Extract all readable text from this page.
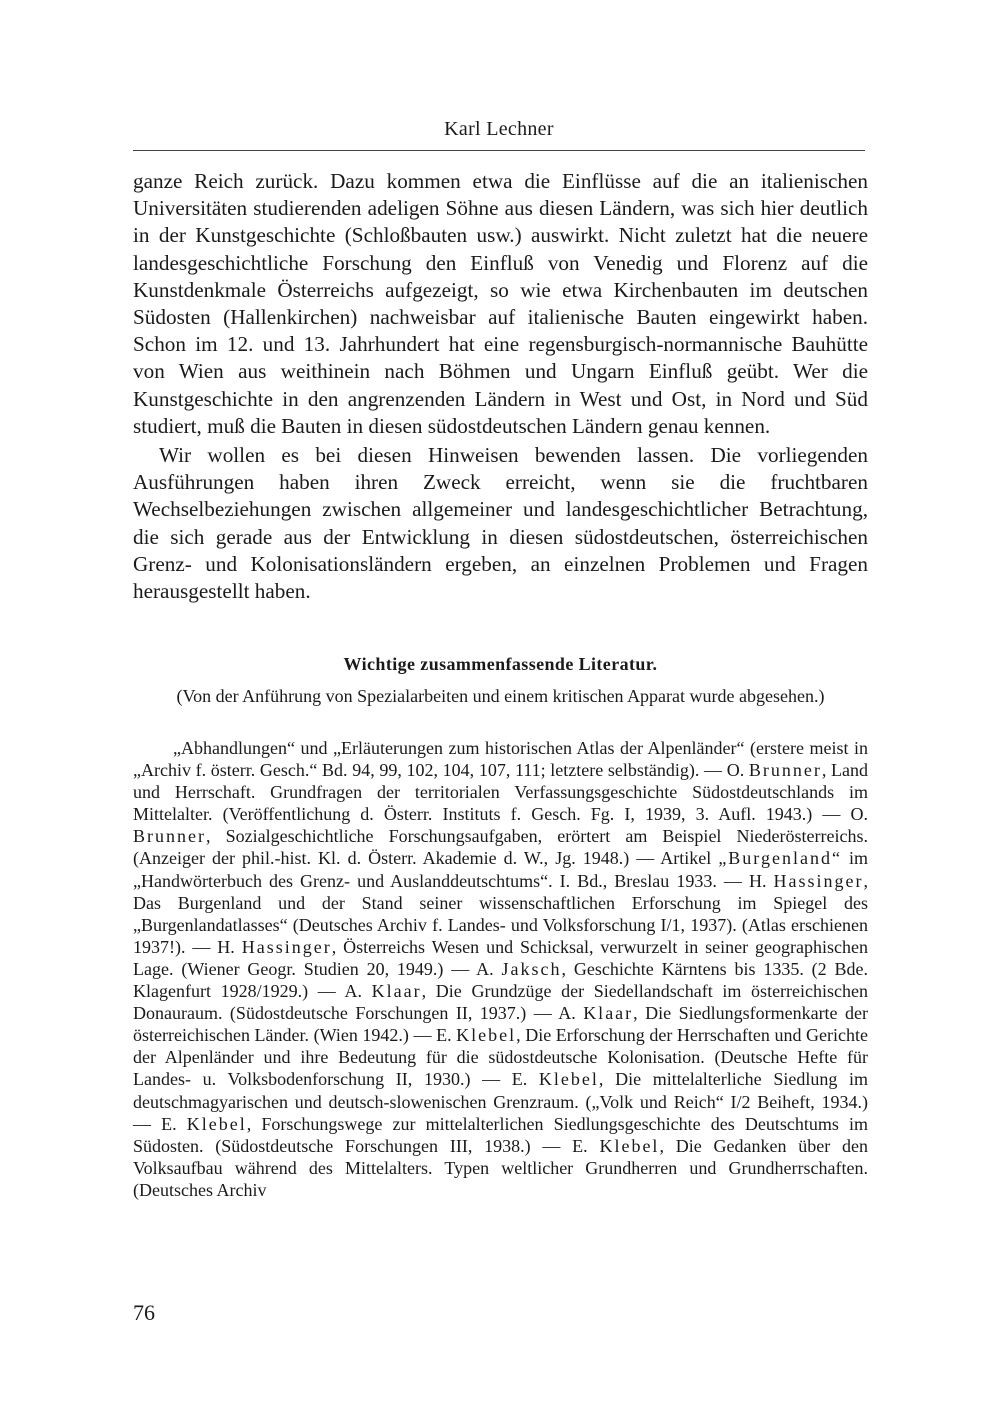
Karl Lechner

ganze Reich zurück. Dazu kommen etwa die Einflüsse auf die an italienischen Universitäten studierenden adeligen Söhne aus diesen Ländern, was sich hier deutlich in der Kunstgeschichte (Schloßbauten usw.) auswirkt. Nicht zuletzt hat die neuere landesgeschichtliche Forschung den Einfluß von Venedig und Florenz auf die Kunstdenkmale Österreichs aufgezeigt, so wie etwa Kirchenbauten im deutschen Südosten (Hallenkirchen) nachweisbar auf italienische Bauten eingewirkt haben. Schon im 12. und 13. Jahrhundert hat eine regensburgisch-normannische Bauhütte von Wien aus weithinein nach Böhmen und Ungarn Einfluß geübt. Wer die Kunstgeschichte in den angrenzenden Ländern in West und Ost, in Nord und Süd studiert, muß die Bauten in diesen südostdeutschen Ländern genau kennen.

Wir wollen es bei diesen Hinweisen bewenden lassen. Die vorliegenden Ausführungen haben ihren Zweck erreicht, wenn sie die fruchtbaren Wechselbeziehungen zwischen allgemeiner und landesgeschichtlicher Betrachtung, die sich gerade aus der Entwicklung in diesen südostdeutschen, österreichischen Grenz- und Kolonisationsländern ergeben, an einzelnen Problemen und Fragen herausgestellt haben.

Wichtige zusammenfassende Literatur.
(Von der Anführung von Spezialarbeiten und einem kritischen Apparat wurde abgesehen.)
„Abhandlungen“ und „Erläuterungen zum historischen Atlas der Alpenländer“ (erstere meist in „Archiv f. österr. Gesch.“ Bd. 94, 99, 102, 104, 107, 111; letztere selbständig). — O. Brunner, Land und Herrschaft. Grundfragen der territorialen Verfassungsgeschichte Südostdeutschlands im Mittelalter. (Veröffentlichung d. Österr. Instituts f. Gesch. Fg. I, 1939, 3. Aufl. 1943.) — O. Brunner, Sozialgeschichtliche Forschungsaufgaben, erörtert am Beispiel Niederösterreichs. (Anzeiger der phil.-hist. Kl. d. Österr. Akademie d. W., Jg. 1948.) — Artikel „Burgenland“ im „Handwörterbuch des Grenz- und Auslanddeutschtums“. I. Bd., Breslau 1933. — H. Hassinger, Das Burgenland und der Stand seiner wissenschaftlichen Erforschung im Spiegel des „Burgenlandatlasses“ (Deutsches Archiv f. Landes- und Volksforschung I/1, 1937). (Atlas erschienen 1937!). — H. Hassinger, Österreichs Wesen und Schicksal, verwurzelt in seiner geographischen Lage. (Wiener Geogr. Studien 20, 1949.) — A. Jaksch, Geschichte Kärntens bis 1335. (2 Bde. Klagenfurt 1928/1929.) — A. Klaar, Die Grundzüge der Siedellandschaft im österreichischen Donauraum. (Südostdeutsche Forschungen II, 1937.) — A. Klaar, Die Siedlungsformenkarte der österreichischen Länder. (Wien 1942.) — E. Klebel, Die Erforschung der Herrschaften und Gerichte der Alpenländer und ihre Bedeutung für die südostdeutsche Kolonisation. (Deutsche Hefte für Landes- u. Volksbodenforschung II, 1930.) — E. Klebel, Die mittelalterliche Siedlung im deutschmagyarischen und deutsch-slowenischen Grenzraum. („Volk und Reich“ I/2 Beiheft, 1934.) — E. Klebel, Forschungswege zur mittelalterlichen Siedlungsgeschichte des Deutschtums im Südosten. (Südostdeutsche Forschungen III, 1938.) — E. Klebel, Die Gedanken über den Volksaufbau während des Mittelalters. Typen weltlicher Grundherren und Grundherrschaften. (Deutsches Archiv
76
